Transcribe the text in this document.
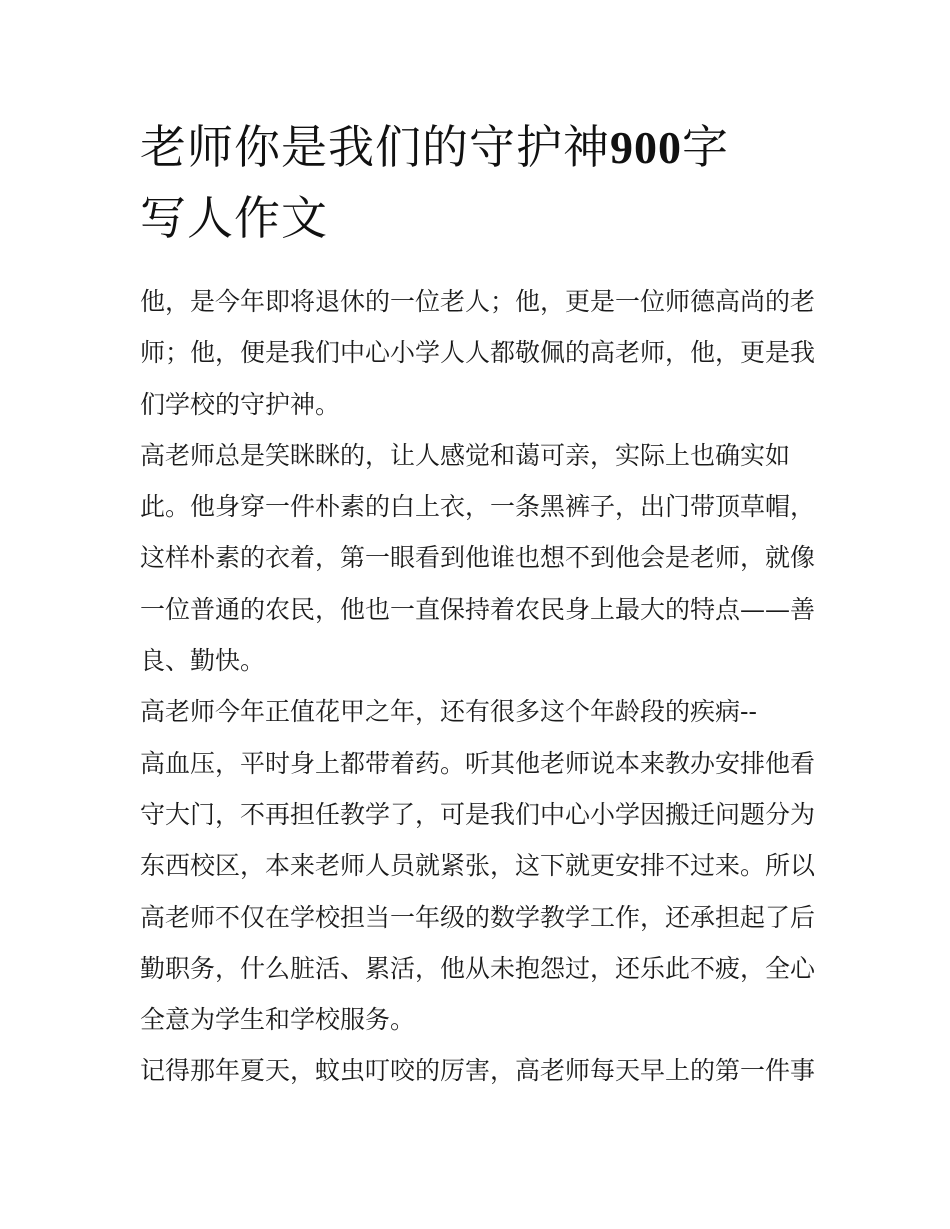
老师你是我们的守护神900字
写人作文
他，是今年即将退休的一位老人；他，更是一位师德高尚的老
师；他，便是我们中心小学人人都敬佩的高老师，他，更是我
们学校的守护神。
高老师总是笑眯眯的，让人感觉和蔼可亲，实际上也确实如
此。他身穿一件朴素的白上衣，一条黑裤子，出门带顶草帽，
这样朴素的衣着，第一眼看到他谁也想不到他会是老师，就像
一位普通的农民，他也一直保持着农民身上最大的特点——善
良、勤快。
高老师今年正值花甲之年，还有很多这个年龄段的疾病--
高血压，平时身上都带着药。听其他老师说本来教办安排他看
守大门，不再担任教学了，可是我们中心小学因搬迁问题分为
东西校区，本来老师人员就紧张，这下就更安排不过来。所以
高老师不仅在学校担当一年级的数学教学工作，还承担起了后
勤职务，什么脏活、累活，他从未抱怨过，还乐此不疲，全心
全意为学生和学校服务。
记得那年夏天，蚊虫叮咬的厉害，高老师每天早上的第一件事
